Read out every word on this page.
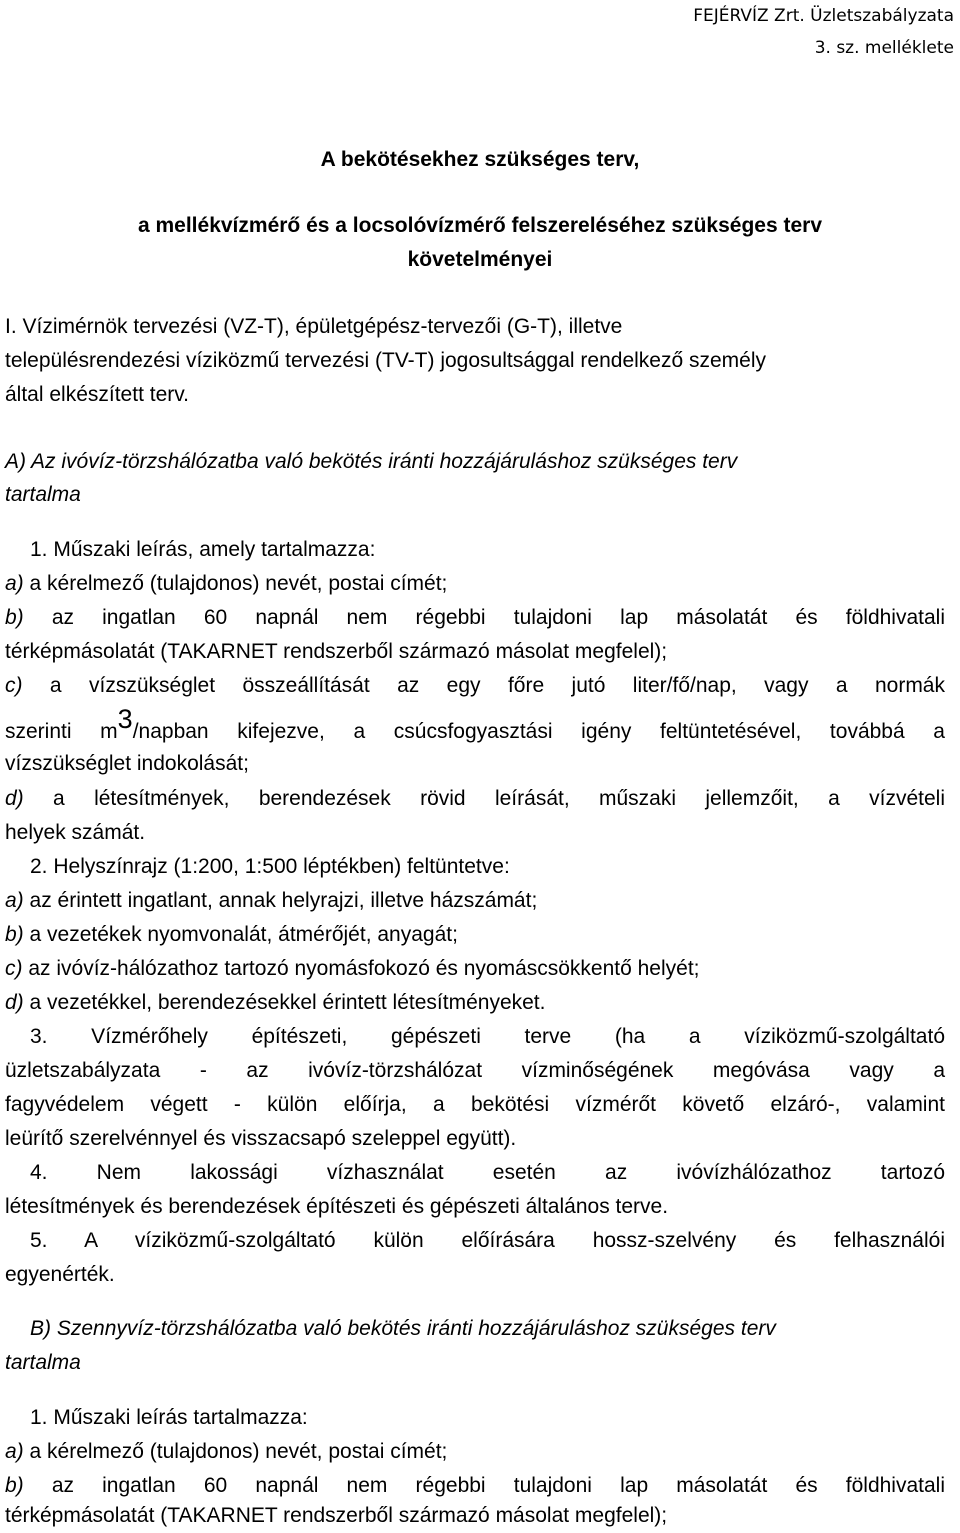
FEJÉRVÍZ Zrt. Üzletszabályzata
3. sz. melléklete
A bekötésekhez szükséges terv,
a mellékvízmérő és a locsolóvízmérő felszereléséhez szükséges terv
követelményei
I. Vízimérnök tervezési (VZ-T), épületgépész-tervezői (G-T), illetve
településrendezési víziközmű tervezési (TV-T) jogosultsággal rendelkező személy
által elkészített terv.
A) Az ivóvíz-törzshálózatba való bekötés iránti hozzájáruláshoz szükséges terv
tartalma
1. Műszaki leírás, amely tartalmazza:
a) a kérelmező (tulajdonos) nevét, postai címét;
b) az ingatlan 60 napnál nem régebbi tulajdoni lap másolatát és földhivatali
térképmásolatát (TAKARNET rendszerből származó másolat megfelel);
c) a vízszükséglet összeállítását az egy főre jutó liter/fő/nap, vagy a normák
szerinti m3/napban kifejezve, a csúcsfogyasztási igény feltüntetésével, továbbá a
vízszükséglet indokolását;
d) a létesítmények, berendezések rövid leírását, műszaki jellemzőit, a vízvételi
helyek számát.
2. Helyszínrajz (1:200, 1:500 léptékben) feltüntetve:
a) az érintett ingatlant, annak helyrajzi, illetve házszámát;
b) a vezetékek nyomvonalát, átmérőjét, anyagát;
c) az ivóvíz-hálózathoz tartozó nyomásfokozó és nyomáscsökkentő helyét;
d) a vezetékkel, berendezésekkel érintett létesítményeket.
3. Vízmérőhely építészeti, gépészeti terve (ha a víziközmű-szolgáltató
üzletszabályzata - az ivóvíz-törzshálózat vízminőségének megóvása vagy a
fagyvédelem végett - külön előírja, a bekötési vízmérőt követő elzáró-, valamint
leürítő szerelvénnyel és visszacsapó szeleppel együtt).
4. Nem lakossági vízhasználat esetén az ivóvízhálózathoz tartozó
létesítmények és berendezések építészeti és gépészeti általános terve.
5. A víziközmű-szolgáltató külön előírására hossz-szelvény és felhasználói
egyenérték.
B) Szennyvíz-törzshálózatba való bekötés iránti hozzájáruláshoz szükséges terv
tartalma
1. Műszaki leírás tartalmazza:
a) a kérelmező (tulajdonos) nevét, postai címét;
b) az ingatlan 60 napnál nem régebbi tulajdoni lap másolatát és földhivatali
térképmásolatát (TAKARNET rendszerből származó másolat megfelel);
